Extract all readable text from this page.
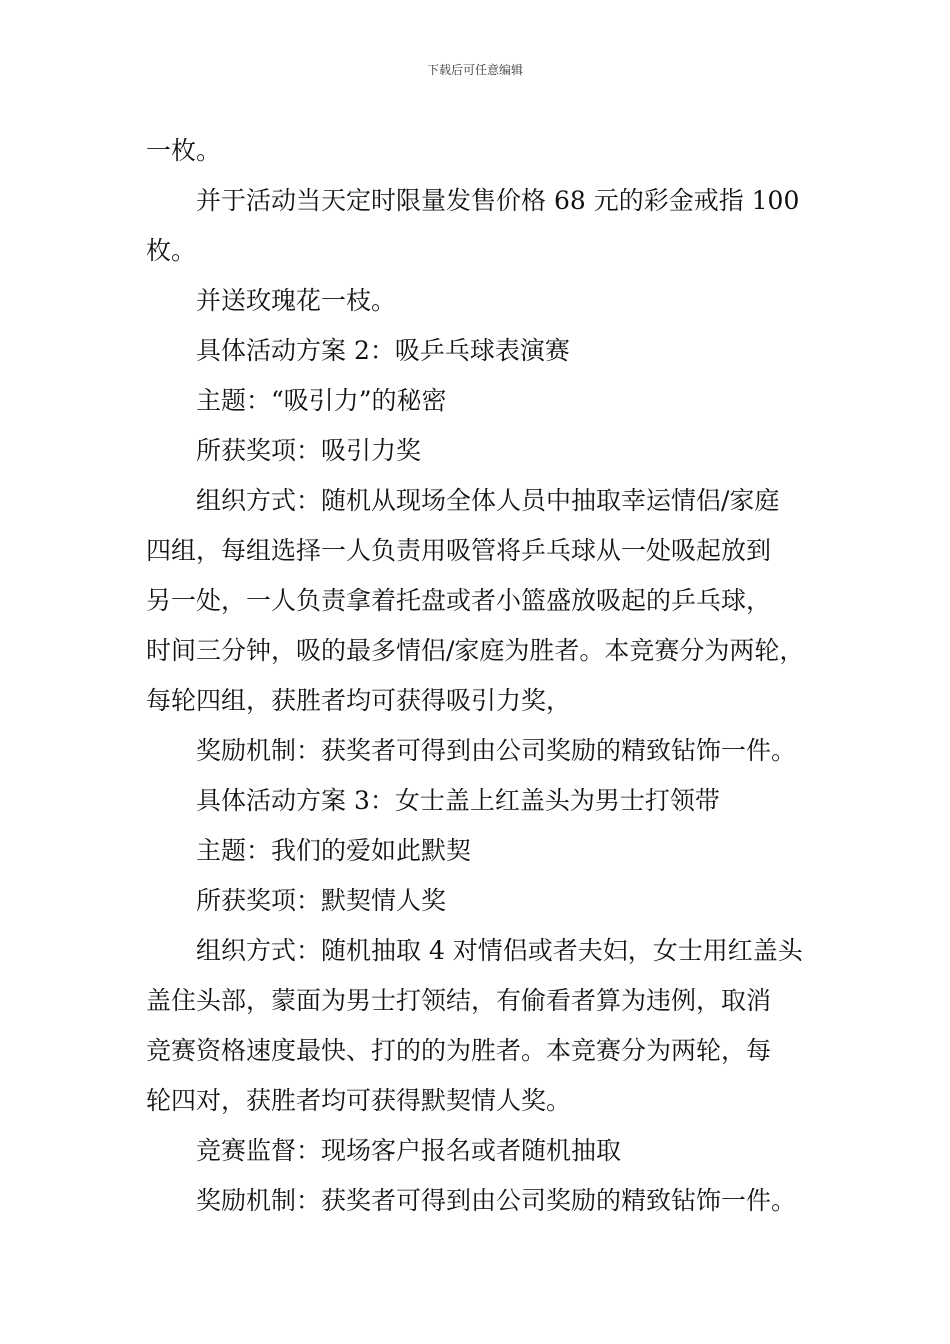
下载后可任意编辑

一枚。

并于活动当天定时限量发售价格 68 元的彩金戒指 100

枚。

并送玫瑰花一枝。

具体活动方案 2：吸乒乓球表演赛

主题：“吸引力”的秘密

所获奖项：吸引力奖

组织方式：随机从现场全体人员中抽取幸运情侣/家庭

四组，每组选择一人负责用吸管将乒乓球从一处吸起放到

另一处，一人负责拿着托盘或者小篮盛放吸起的乒乓球，

时间三分钟，吸的最多情侣/家庭为胜者。本竞赛分为两轮，

每轮四组，获胜者均可获得吸引力奖，

奖励机制：获奖者可得到由公司奖励的精致钻饰一件。

具体活动方案 3：女士盖上红盖头为男士打领带

主题：我们的爱如此默契

所获奖项：默契情人奖

组织方式：随机抽取 4 对情侣或者夫妇，女士用红盖头

盖住头部，蒙面为男士打领结，有偷看者算为违例，取消

竞赛资格速度最快、打的的为胜者。本竞赛分为两轮，每

轮四对，获胜者均可获得默契情人奖。

竞赛监督：现场客户报名或者随机抽取

奖励机制：获奖者可得到由公司奖励的精致钻饰一件。
